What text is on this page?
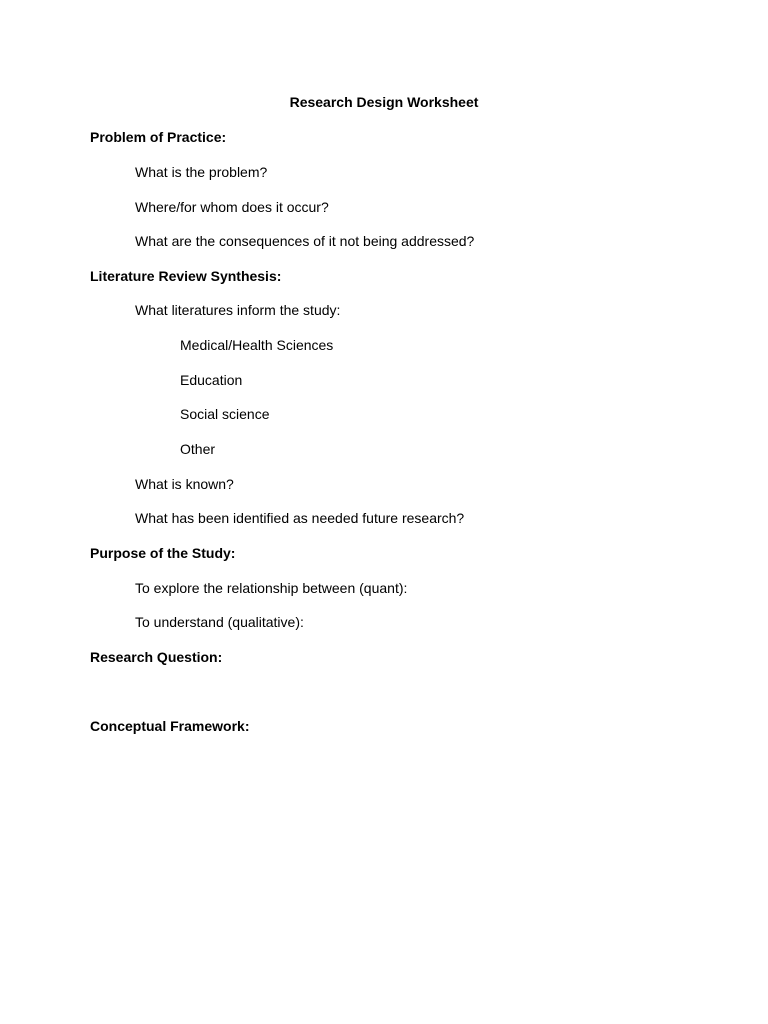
Research Design Worksheet
Problem of Practice:
What is the problem?
Where/for whom does it occur?
What are the consequences of it not being addressed?
Literature Review Synthesis:
What literatures inform the study:
Medical/Health Sciences
Education
Social science
Other
What is known?
What has been identified as needed future research?
Purpose of the Study:
To explore the relationship between (quant):
To understand (qualitative):
Research Question:
Conceptual Framework:
